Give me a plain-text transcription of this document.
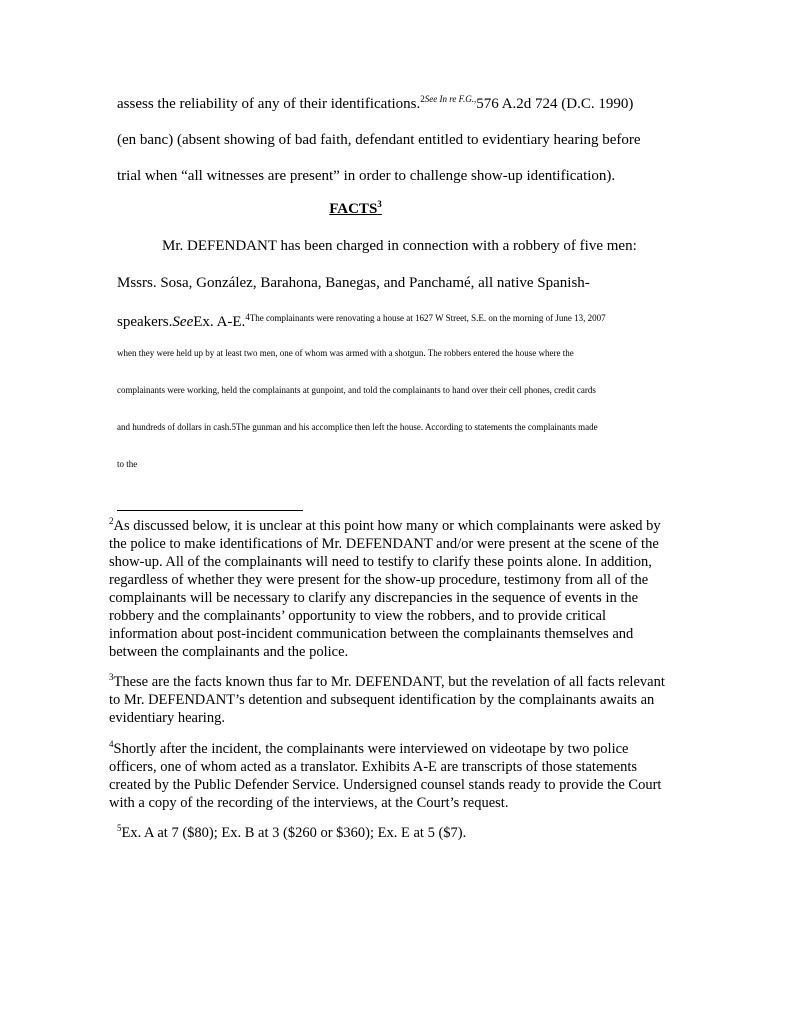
assess the reliability of any of their identifications.$^{2See In re F.G.,}$576 A.2d 724 (D.C. 1990)
(en banc) (absent showing of bad faith, defendant entitled to evidentiary hearing before
trial when “all witnesses are present” in order to challenge show-up identification).
FACTS$^3$
Mr. DEFENDANT has been charged in connection with a robbery of five men:
Mssrs. Sosa, González, Barahona, Banegas, and Panchamé, all native Spanish-
speakers.SeeEx. A-E.$^{4The complainants were renovating a house at 1627 W Street, S.E. on the morning of June 13, 2007}$
when they were held up by at least two men, one of whom was armed with a shotgun. The robbers entered the house where the
complainants were working, held the complainants at gunpoint, and told the complainants to hand over their cell phones, credit cards
and hundreds of dollars in cash.5The gunman and his accomplice then left the house. According to statements the complainants made
to the

$^2$As discussed below, it is unclear at this point how many or which complainants were asked by the police to make identifications of Mr. DEFENDANT and/or were present at the scene of the show-up. All of the complainants will need to testify to clarify these points alone. In addition, regardless of whether they were present for the show-up procedure, testimony from all of the complainants will be necessary to clarify any discrepancies in the sequence of events in the robbery and the complainants’ opportunity to view the robbers, and to provide critical information about post-incident communication between the complainants themselves and between the complainants and the police.

$^3$These are the facts known thus far to Mr. DEFENDANT, but the revelation of all facts relevant to Mr. DEFENDANT’s detention and subsequent identification by the complainants awaits an evidentiary hearing.

$^4$Shortly after the incident, the complainants were interviewed on videotape by two police officers, one of whom acted as a translator. Exhibits A-E are transcripts of those statements created by the Public Defender Service. Undersigned counsel stands ready to provide the Court with a copy of the recording of the interviews, at the Court’s request.

$^5$Ex. A at 7 ($80); Ex. B at 3 ($260 or $360); Ex. E at 5 ($7).
